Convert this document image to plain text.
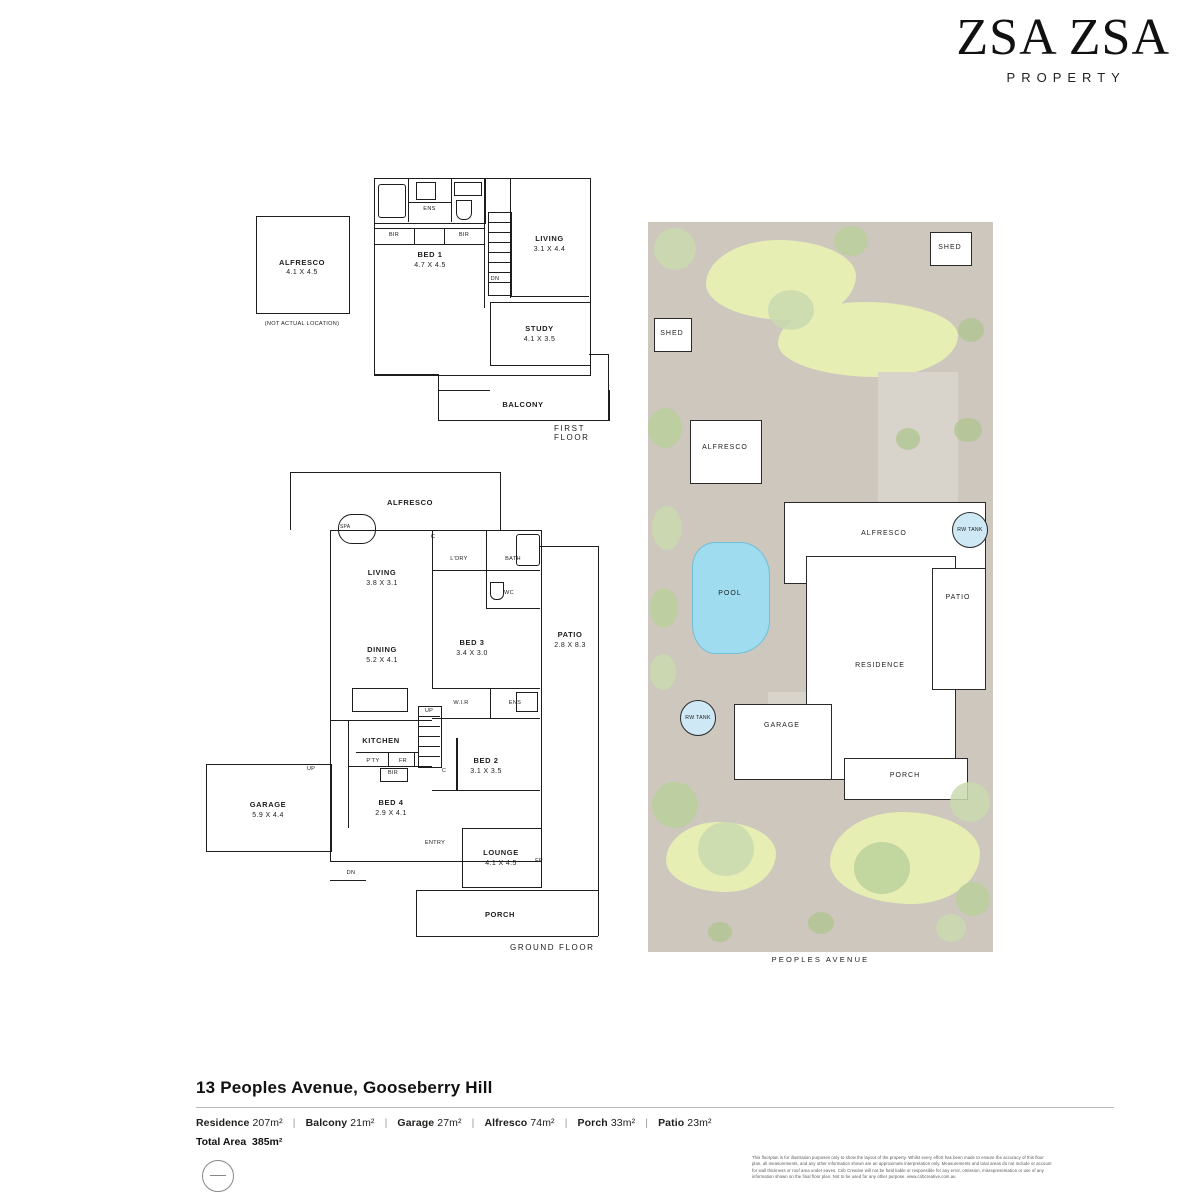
ZSA ZSA
PROPERTY
ALFRESCO
4.1 X 4.5
(NOT ACTUAL LOCATION)
ENS
BIR	BIR
BED 1
4.7 X 4.5
DN
LIVING
3.1 X 4.4
STUDY
4.1 X 3.5
BALCONY
FIRST FLOOR
ALFRESCO
SPA
LIVING
3.8 X 3.1
L'DRY	BATH
WC
C
DINING
5.2 X 4.1
BED 3
3.4 X 3.0
W.I.R	ENS
BED 2
3.1 X 3.5
C
KITCHEN
P'TY	FR
UP
BED 4
2.9 X 4.1
BIR
ENTRY
LOUNGE
4.1 X 4.5	FP
GARAGE
5.9 X 4.4
UP
DN
PATIO
2.8 X 8.3
PORCH
GROUND FLOOR
SHED
SHED
ALFRESCO
ALFRESCO
RESIDENCE
PATIO
GARAGE
PORCH
POOL
RW TANK
RW TANK
PEOPLES AVENUE
13 Peoples Avenue, Gooseberry Hill
Residence 207m² | Balcony 21m² | Garage 27m² | Alfresco 74m² | Porch 33m² | Patio 23m²
Total Area 385m²
This floorplan is for illustration purposes only to show the layout of the property. Whilst every effort has been made to ensure the accuracy of this floor plan, all measurements, and any other information shown are an approximate interpretation only. Measurements and total areas do not include or account for wall thickness or roof area under eaves. Crib Creative will not be held liable or responsible for any error, omission, misrepresentation or use of any information shown on the final floor plan. Not to be used for any other purpose. www.cribcreative.com.au
